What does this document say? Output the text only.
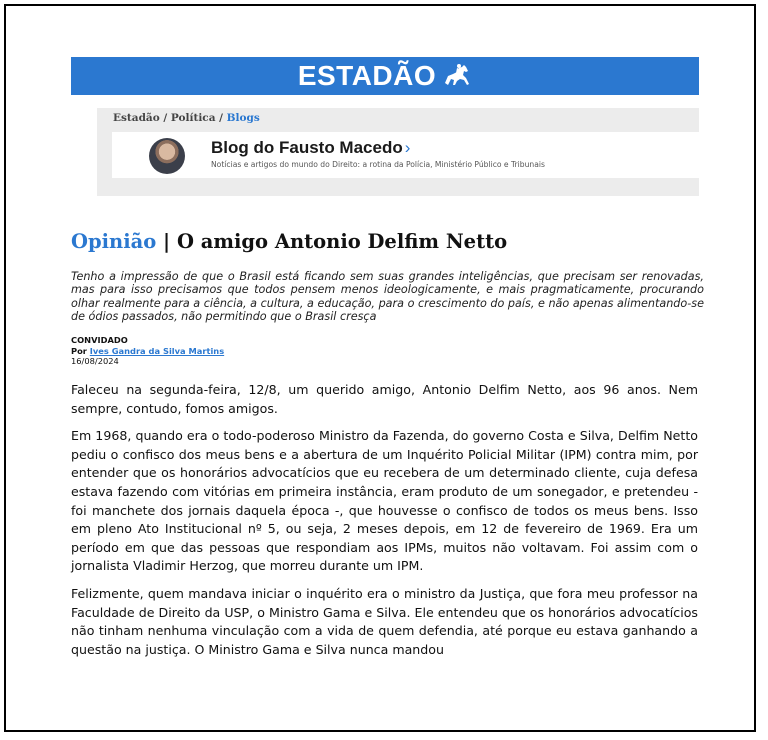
ESTADÃO
Estadão / Política / Blogs
Blog do Fausto Macedo ›
Notícias e artigos do mundo do Direito: a rotina da Polícia, Ministério Público e Tribunais
Opinião | O amigo Antonio Delfim Netto

Tenho a impressão de que o Brasil está ficando sem suas grandes inteligências, que precisam ser renovadas, mas para isso precisamos que todos pensem menos ideologicamente, e mais pragmaticamente, procurando olhar realmente para a ciência, a cultura, a educação, para o crescimento do país, e não apenas alimentando-se de ódios passados, não permitindo que o Brasil cresça

CONVIDADO
Por Ives Gandra da Silva Martins
16/08/2024

Faleceu na segunda-feira, 12/8, um querido amigo, Antonio Delfim Netto, aos 96 anos. Nem sempre, contudo, fomos amigos.

Em 1968, quando era o todo-poderoso Ministro da Fazenda, do governo Costa e Silva, Delfim Netto pediu o confisco dos meus bens e a abertura de um Inquérito Policial Militar (IPM) contra mim, por entender que os honorários advocatícios que eu recebera de um determinado cliente, cuja defesa estava fazendo com vitórias em primeira instância, eram produto de um sonegador, e pretendeu - foi manchete dos jornais daquela época -, que houvesse o confisco de todos os meus bens. Isso em pleno Ato Institucional nº 5, ou seja, 2 meses depois, em 12 de fevereiro de 1969. Era um período em que das pessoas que respondiam aos IPMs, muitos não voltavam. Foi assim com o jornalista Vladimir Herzog, que morreu durante um IPM.

Felizmente, quem mandava iniciar o inquérito era o ministro da Justiça, que fora meu professor na Faculdade de Direito da USP, o Ministro Gama e Silva. Ele entendeu que os honorários advocatícios não tinham nenhuma vinculação com a vida de quem defendia, até porque eu estava ganhando a questão na justiça. O Ministro Gama e Silva nunca mandou
